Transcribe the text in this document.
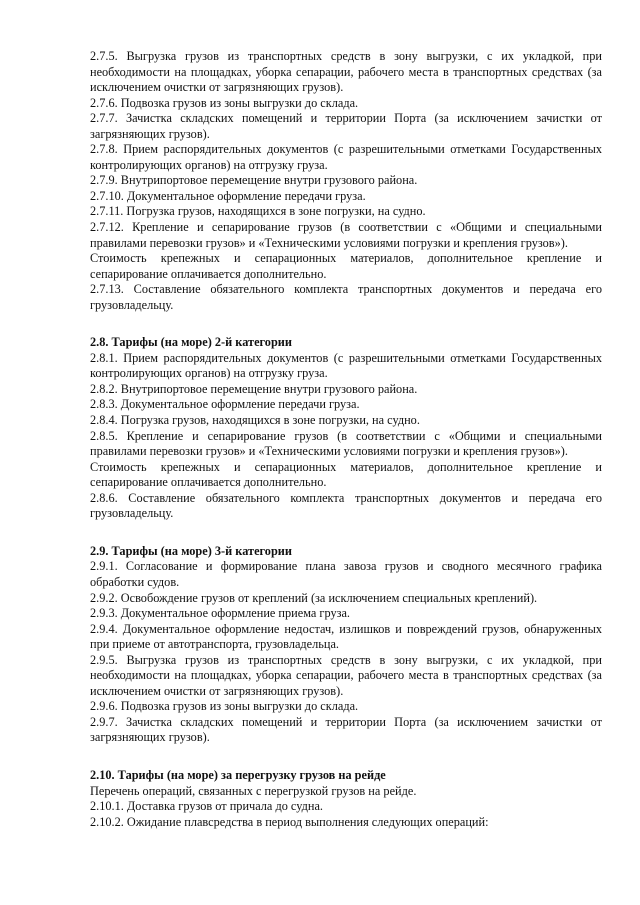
2.7.5. Выгрузка грузов из транспортных средств в зону выгрузки, с их укладкой, при необходимости на площадках, уборка сепарации, рабочего места в транспортных средствах (за исключением очистки от загрязняющих грузов).

2.7.6. Подвозка грузов из зоны выгрузки до склада.

2.7.7. Зачистка складских помещений и территории Порта (за исключением зачистки от загрязняющих грузов).

2.7.8. Прием распорядительных документов (с разрешительными отметками Государственных контролирующих органов) на отгрузку груза.

2.7.9. Внутрипортовое перемещение внутри грузового района.

2.7.10. Документальное оформление передачи груза.

2.7.11. Погрузка грузов, находящихся в зоне погрузки, на судно.

2.7.12. Крепление и сепарирование грузов (в соответствии с «Общими и специальными правилами перевозки грузов» и «Техническими условиями погрузки и крепления грузов»).

Стоимость крепежных и сепарационных материалов, дополнительное крепление и сепарирование оплачивается дополнительно.

2.7.13. Составление обязательного комплекта транспортных документов и передача его грузовладельцу.

2.8. Тарифы (на море) 2-й категории

2.8.1. Прием распорядительных документов (с разрешительными отметками Государственных контролирующих органов) на отгрузку груза.

2.8.2. Внутрипортовое перемещение внутри грузового района.

2.8.3. Документальное оформление передачи груза.

2.8.4. Погрузка грузов, находящихся в зоне погрузки, на судно.

2.8.5. Крепление и сепарирование грузов (в соответствии с «Общими и специальными правилами перевозки грузов» и «Техническими условиями погрузки и крепления грузов»).

Стоимость крепежных и сепарационных материалов, дополнительное крепление и сепарирование оплачивается дополнительно.

2.8.6. Составление обязательного комплекта транспортных документов и передача его грузовладельцу.

2.9. Тарифы (на море) 3-й категории

2.9.1. Согласование и формирование плана завоза грузов и сводного месячного графика обработки судов.

2.9.2. Освобождение грузов от креплений (за исключением специальных креплений).

2.9.3. Документальное оформление приема груза.

2.9.4. Документальное оформление недостач, излишков и повреждений грузов, обнаруженных при приеме от автотранспорта, грузовладельца.

2.9.5. Выгрузка грузов из транспортных средств в зону выгрузки, с их укладкой, при необходимости на площадках, уборка сепарации, рабочего места в транспортных средствах (за исключением очистки от загрязняющих грузов).

2.9.6. Подвозка грузов из зоны выгрузки до склада.

2.9.7. Зачистка складских помещений и территории Порта (за исключением зачистки от загрязняющих грузов).

2.10. Тарифы (на море) за перегрузку грузов на рейде

Перечень операций, связанных с перегрузкой грузов на рейде.

2.10.1. Доставка грузов от причала до судна.

2.10.2. Ожидание плавсредства в период выполнения следующих операций:
